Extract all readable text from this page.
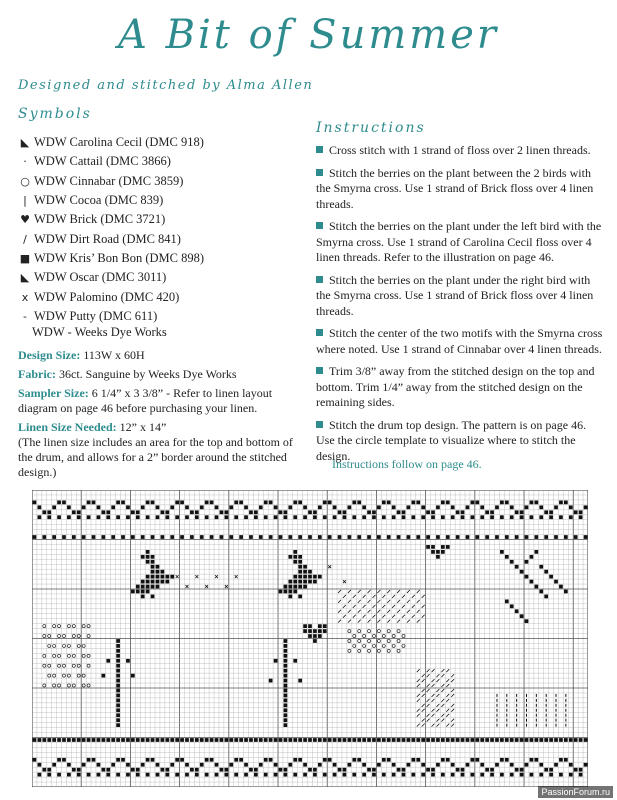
A Bit of Summer
Designed and stitched by Alma Allen
Symbols
◣ WDW Carolina Cecil (DMC 918)
· WDW Cattail (DMC 3866)
○ WDW Cinnabar (DMC 3859)
| WDW Cocoa (DMC 839)
♥ WDW Brick (DMC 3721)
/ WDW Dirt Road (DMC 841)
■ WDW Kris’ Bon Bon (DMC 898)
◣ WDW Oscar (DMC 3011)
x WDW Palomino (DMC 420)
- WDW Putty (DMC 611)
WDW - Weeks Dye Works
Design Size: 113W x 60H
Fabric: 36ct. Sanguine by Weeks Dye Works
Sampler Size: 6 1/4” x 3 3/8” - Refer to linen layout diagram on page 46 before purchasing your linen.
Linen Size Needed: 12” x 14”
(The linen size includes an area for the top and bottom of the drum, and allows for a 2” border around the stitched design.)
Instructions
Cross stitch with 1 strand of floss over 2 linen threads.
Stitch the berries on the plant between the 2 birds with the Smyrna cross. Use 1 strand of Brick floss over 4 linen threads.
Stitch the berries on the plant under the left bird with the Smyrna cross. Use 1 strand of Carolina Cecil floss over 4 linen threads. Refer to the illustration on page 46.
Stitch the berries on the plant under the right bird with the Smyrna cross. Use 1 strand of Brick floss over 4 linen threads.
Stitch the center of the two motifs with the Smyrna cross where noted. Use 1 strand of Cinnabar over 4 linen threads.
Trim 3/8” away from the stitched design on the top and bottom. Trim 1/4” away from the stitched design on the remaining sides.
Stitch the drum top design. The pattern is on page 46. Use the circle template to visualize where to stitch the design.
Instructions follow on page 46.
PassionForum.ru
